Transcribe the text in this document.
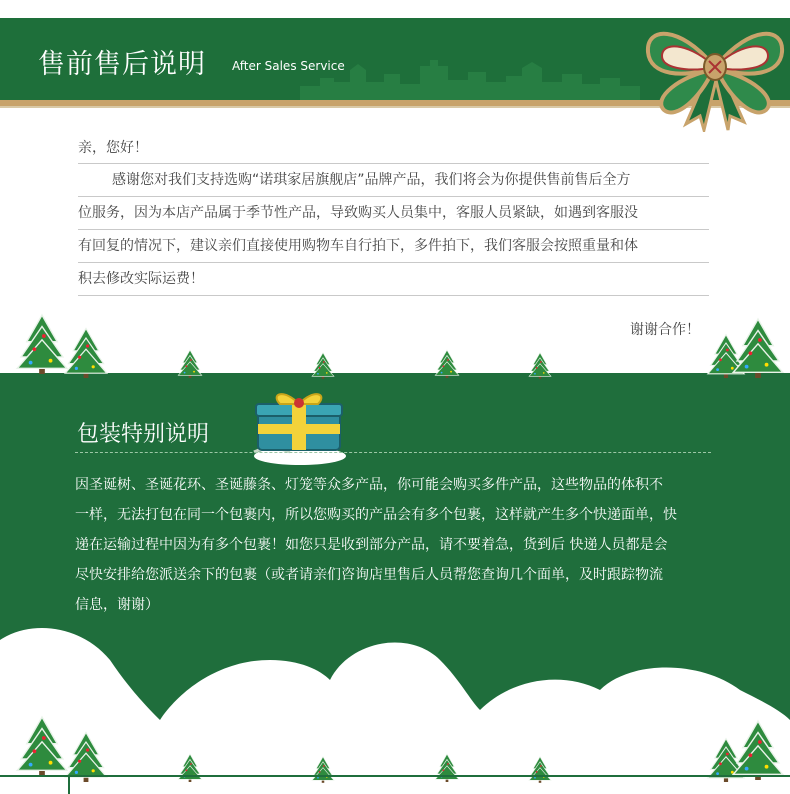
售前售后说明 After Sales Service
亲，您好！
感谢您对我们支持选购“诺琪家居旗舰店”品牌产品，我们将会为你提供售前售后全方
位服务，因为本店产品属于季节性产品，导致购买人员集中，客服人员紧缺，如遇到客服没
有回复的情况下，建议亲们直接使用购物车自行拍下，多件拍下，我们客服会按照重量和体
积去修改实际运费！
谢谢合作！
包装特别说明
因圣诞树、圣诞花环、圣诞藤条、灯笼等众多产品，你可能会购买多件产品，这些物品的体积不
一样，无法打包在同一个包裹内，所以您购买的产品会有多个包裹，这样就产生多个快递面单，快
递在运输过程中因为有多个包裹！如您只是收到部分产品，请不要着急，货到后 快递人员都是会
尽快安排给您派送余下的包裹（或者请亲们咨询店里售后人员帮您查询几个面单，及时跟踪物流
信息，谢谢）
